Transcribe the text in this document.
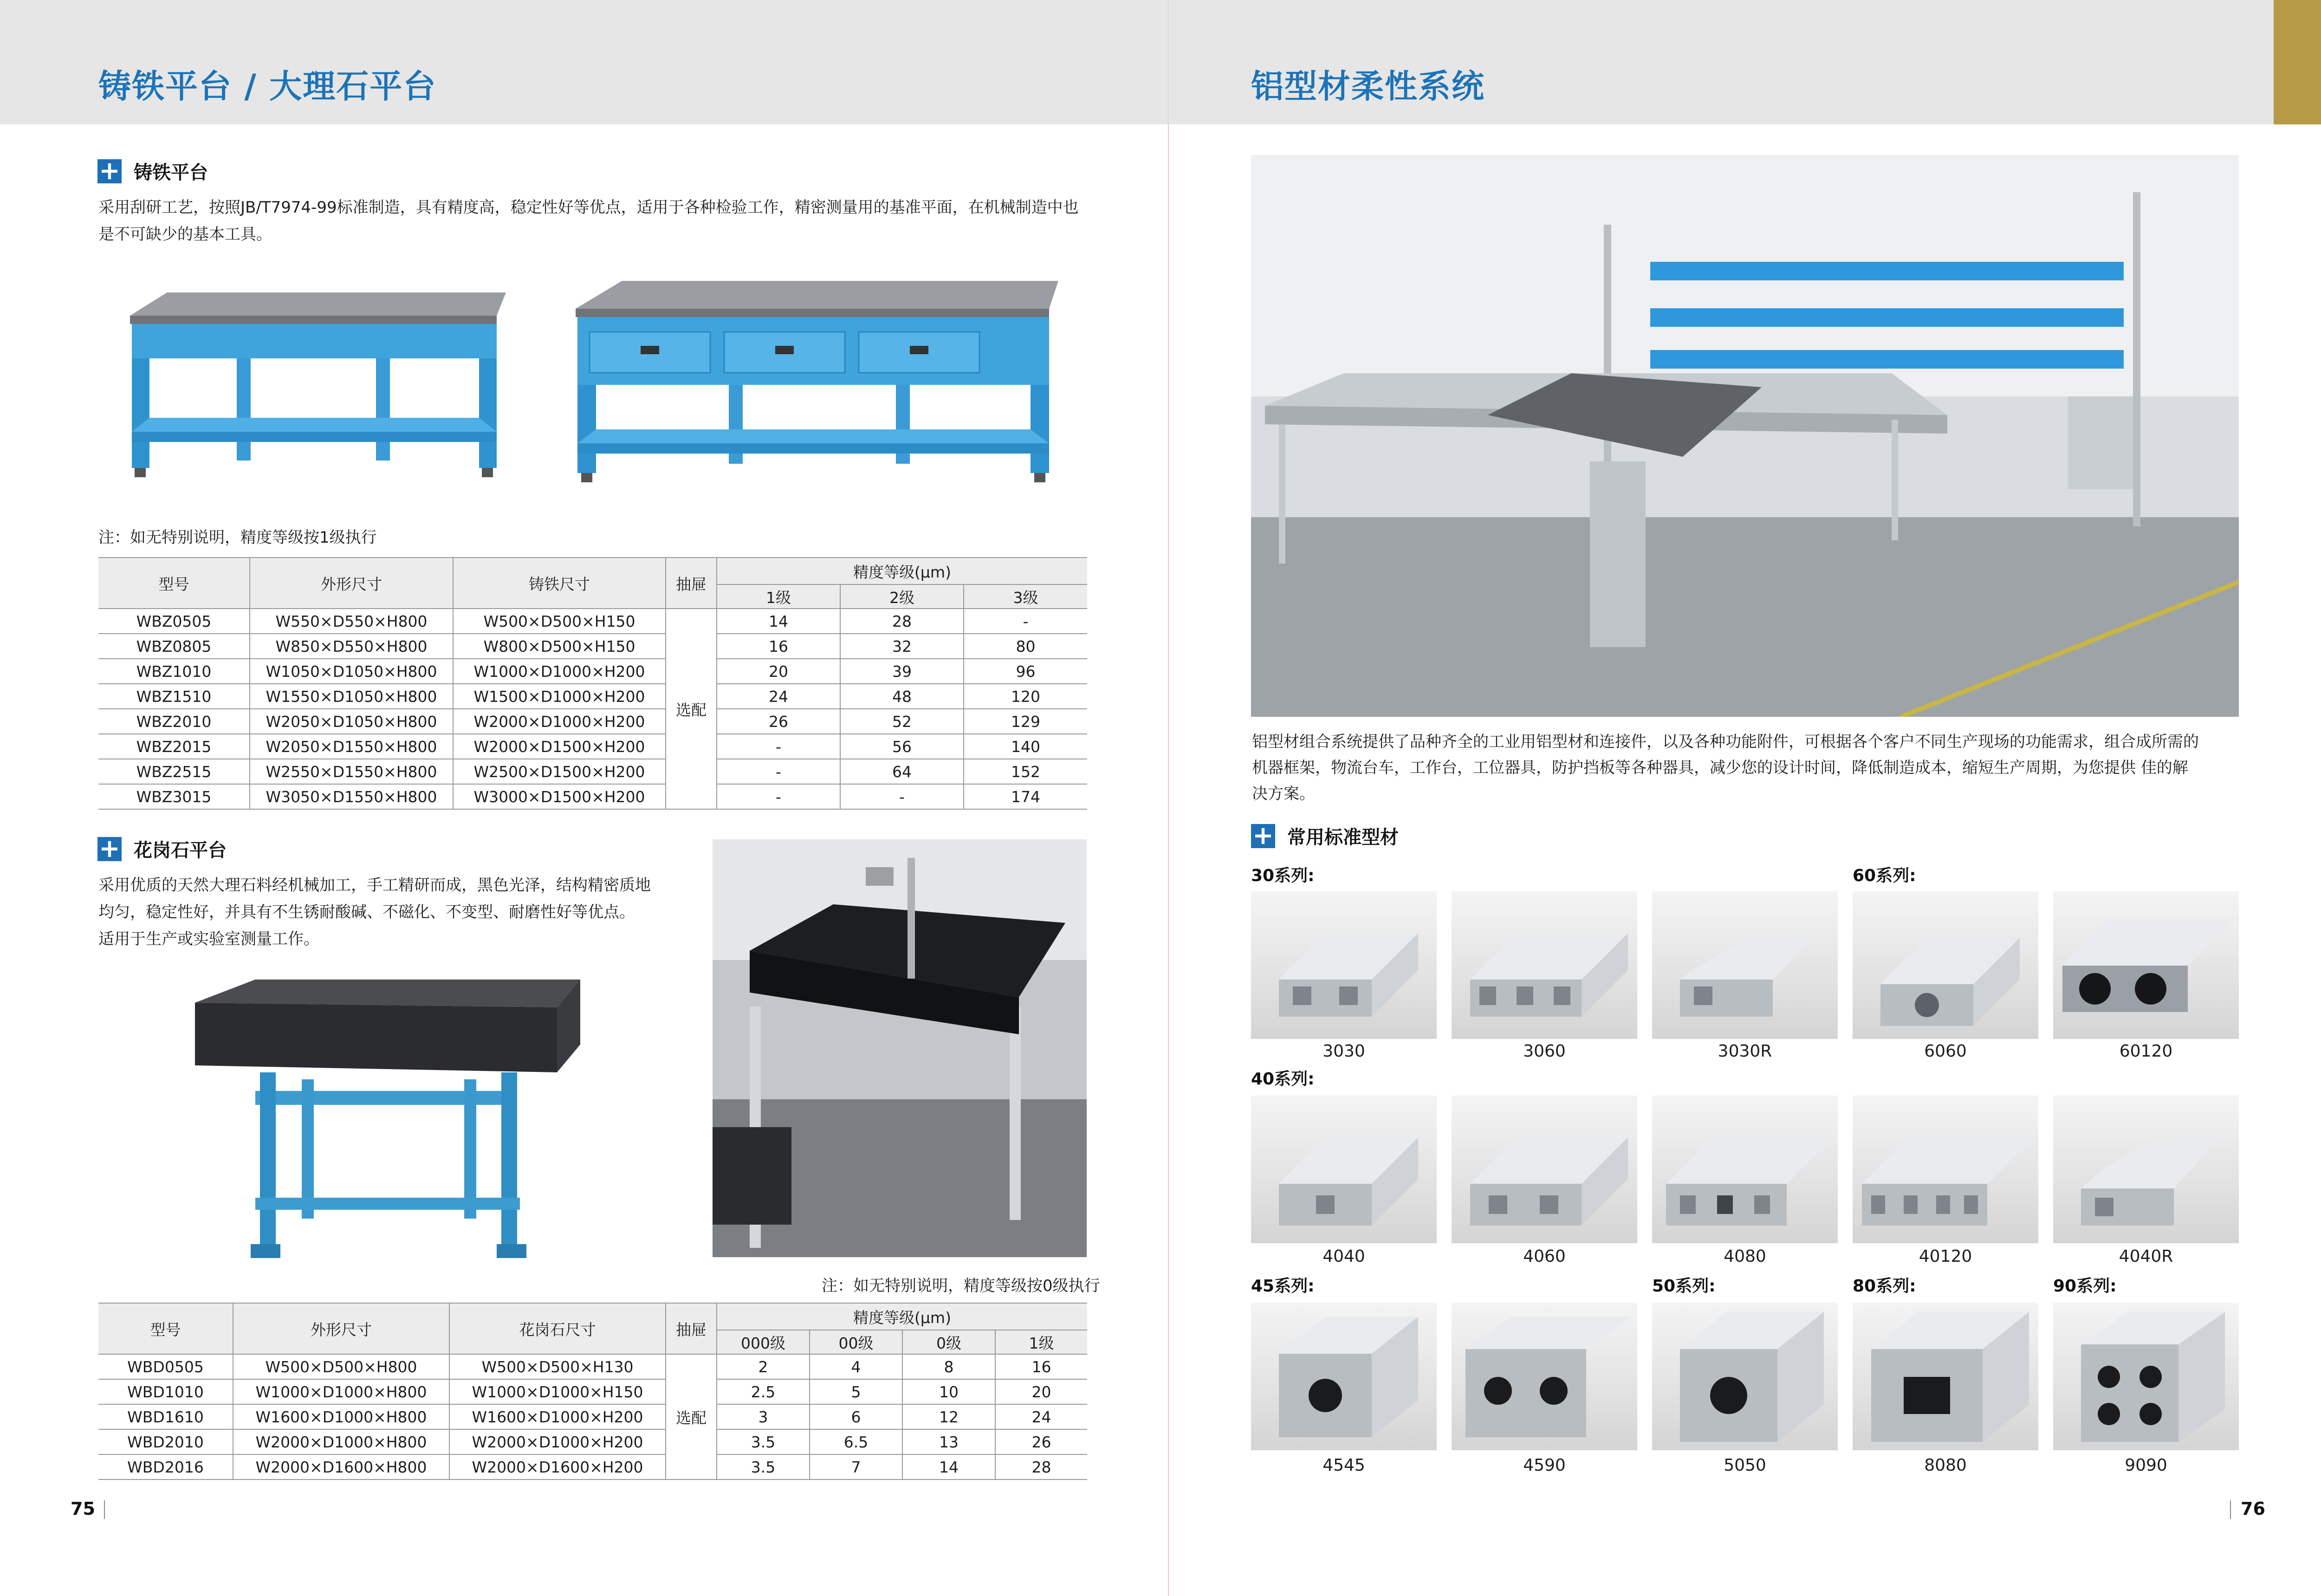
铸铁平台 / 大理石平台
+ 铸铁平台
采用刮研工艺，按照JB/T7974-99标准制造，具有精度高，稳定性好等优点，适用于各种检验工作，精密测量用的基准平面，在机械制造中也是不可缺少的基本工具。
注：如无特别说明，精度等级按1级执行
型号	外形尺寸	铸铁尺寸	抽屉	精度等级(μm)		
				1级	2级	3级
WBZ0505	W550×D550×H800	W500×D500×H150	选配	14	28	-
WBZ0805	W850×D550×H800	W800×D500×H150		16	32	80
WBZ1010	W1050×D1050×H800	W1000×D1000×H200		20	39	96
WBZ1510	W1550×D1050×H800	W1500×D1000×H200		24	48	120
WBZ2010	W2050×D1050×H800	W2000×D1000×H200		26	52	129
WBZ2015	W2050×D1550×H800	W2000×D1500×H200		-	56	140
WBZ2515	W2550×D1550×H800	W2500×D1500×H200		-	64	152
WBZ3015	W3050×D1550×H800	W3000×D1500×H200		-	-	174
+ 花岗石平台
采用优质的天然大理石料经机械加工，手工精研而成，黑色光泽，结构精密质地
均匀，稳定性好，并具有不生锈耐酸碱、不磁化、不变型、耐磨性好等优点。
适用于生产或实验室测量工作。
注：如无特别说明，精度等级按0级执行
型号	外形尺寸	花岗石尺寸	抽屉	精度等级(μm)			
				000级	00级	0级	1级
WBD0505	W500×D500×H800	W500×D500×H130	选配	2	4	8	16
WBD1010	W1000×D1000×H800	W1000×D1000×H150		2.5	5	10	20
WBD1610	W1600×D1000×H800	W1600×D1000×H200		3	6	12	24
WBD2010	W2000×D1000×H800	W2000×D1000×H200		3.5	6.5	13	26
WBD2016	W2000×D1600×H800	W2000×D1600×H200		3.5	7	14	28
75
铝型材柔性系统
铝型材组合系统提供了品种齐全的工业用铝型材和连接件，以及各种功能附件，可根据各个客户不同生产现场的功能需求，组合成所需的
机器框架，物流台车，工作台，工位器具，防护挡板等各种器具，减少您的设计时间，降低制造成本，缩短生产周期，为您提供 佳的解
决方案。
+ 常用标准型材
30系列:	60系列:
3030	3060	3030R	6060	60120
40系列:
4040	4060	4080	40120	4040R
45系列:	50系列:	80系列:	90系列:
4545	4590	5050	8080	9090
76
